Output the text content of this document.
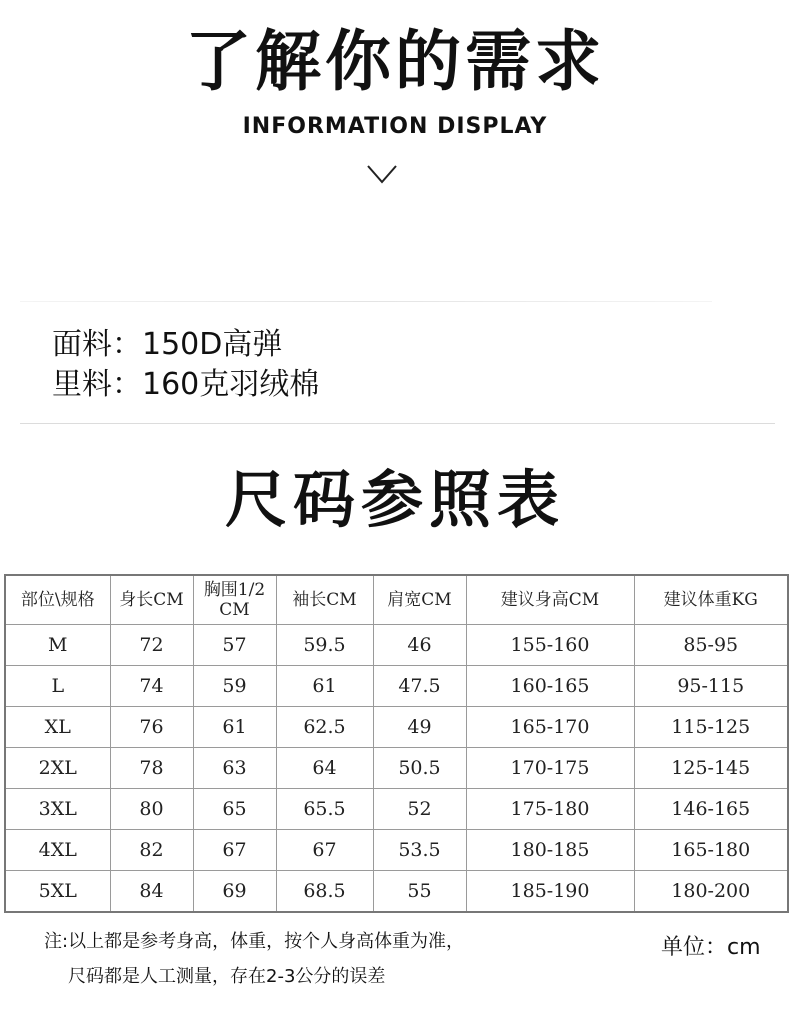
了解你的需求
INFORMATION DISPLAY
面料：150D高弹
里料：160克羽绒棉
尺码参照表
部位\规格	身长CM	胸围1/2 CM	袖长CM	肩宽CM	建议身高CM	建议体重KG
M	72	57	59.5	46	155-160	85-95
L	74	59	61	47.5	160-165	95-115
XL	76	61	62.5	49	165-170	115-125
2XL	78	63	64	50.5	170-175	125-145
3XL	80	65	65.5	52	175-180	146-165
4XL	82	67	67	53.5	180-185	165-180
5XL	84	69	68.5	55	185-190	180-200
注:以上都是参考身高，体重，按个人身高体重为准，
尺码都是人工测量，存在2-3公分的误差
单位：cm
